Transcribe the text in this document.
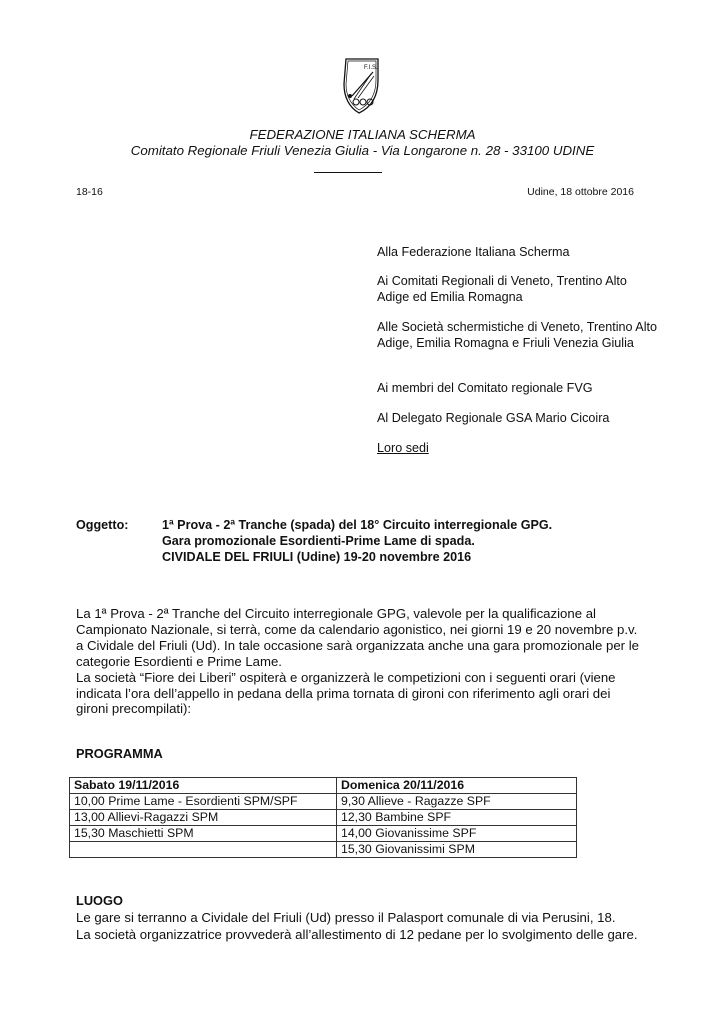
F.I.S.
FEDERAZIONE ITALIANA SCHERMA
Comitato Regionale Friuli Venezia Giulia - Via Longarone n. 28 - 33100 UDINE
18-16	Udine, 18 ottobre 2016
Alla Federazione Italiana Scherma
Ai Comitati Regionali di Veneto, Trentino Alto Adige ed Emilia Romagna
Alle Società schermistiche di Veneto, Trentino Alto Adige, Emilia Romagna e Friuli Venezia Giulia
Ai membri del Comitato regionale FVG
Al Delegato Regionale GSA Mario Cicoira
Loro sedi
Oggetto:	1ª Prova - 2ª Tranche (spada) del 18° Circuito interregionale GPG.
Gara promozionale Esordienti-Prime Lame di spada.
CIVIDALE DEL FRIULI (Udine) 19-20 novembre 2016
La 1ª Prova - 2ª Tranche del Circuito interregionale GPG, valevole per la qualificazione al
Campionato Nazionale, si terrà, come da calendario agonistico, nei giorni 19 e 20 novembre p.v.
a Cividale del Friuli (Ud). In tale occasione sarà organizzata anche una gara promozionale per le
categorie Esordienti e Prime Lame.
La società “Fiore dei Liberi” ospiterà e organizzerà le competizioni con i seguenti orari (viene
indicata l’ora dell’appello in pedana della prima tornata di gironi con riferimento agli orari dei
gironi precompilati):
PROGRAMMA
Sabato 19/11/2016	Domenica 20/11/2016
10,00 Prime Lame - Esordienti SPM/SPF	9,30 Allieve - Ragazze SPF
13,00 Allievi-Ragazzi SPM	12,30 Bambine SPF
15,30 Maschietti SPM	14,00 Giovanissime SPF
	15,30 Giovanissimi SPM
LUOGO
Le gare si terranno a Cividale del Friuli (Ud) presso il Palasport comunale di via Perusini, 18.
La società organizzatrice provvederà all’allestimento di 12 pedane per lo svolgimento delle gare.
